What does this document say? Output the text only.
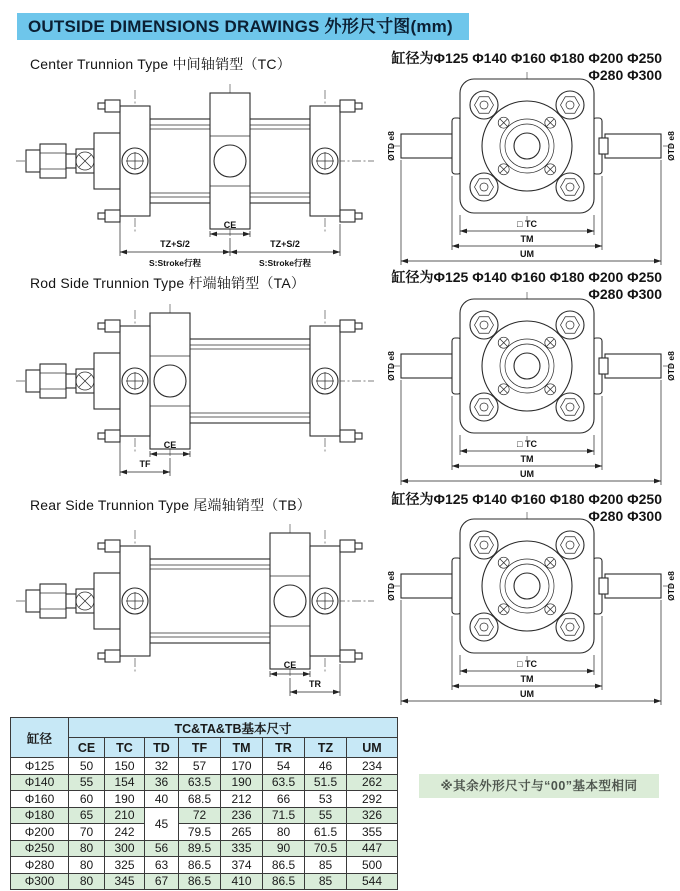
OUTSIDE DIMENSIONS DRAWINGS 外形尺寸图(mm)
Center Trunnion Type 中间轴销型（TC）	缸径为Φ125 Φ140 Φ160 Φ180 Φ200 Φ250
Φ280 Φ300
CE
TZ+S/2	TZ+S/2
S:Stroke行程	S:Stroke行程
ØTD e8	ØTD e8
□ TC
TM
UM
Rod Side Trunnion Type 杆端轴销型（TA）	缸径为Φ125 Φ140 Φ160 Φ180 Φ200 Φ250
Φ280 Φ300
CE
TF
ØTD e8	ØTD e8
□ TC
TM
UM
Rear Side Trunnion Type 尾端轴销型（TB）	缸径为Φ125 Φ140 Φ160 Φ180 Φ200 Φ250
Φ280 Φ300
CE
TR
ØTD e8	ØTD e8
□ TC
TM
UM
缸径	TC&TA&TB基本尺寸							
	CE	TC	TD	TF	TM	TR	TZ	UM
Φ125	50	150	32	57	170	54	46	234
Φ140	55	154	36	63.5	190	63.5	51.5	262
Φ160	60	190	40	68.5	212	66	53	292
Φ180	65	210	45	72	236	71.5	55	326
Φ200	70	242		79.5	265	80	61.5	355
Φ250	80	300	56	89.5	335	90	70.5	447
Φ280	80	325	63	86.5	374	86.5	85	500
Φ300	80	345	67	86.5	410	86.5	85	544
※其余外形尺寸与“00”基本型相同
